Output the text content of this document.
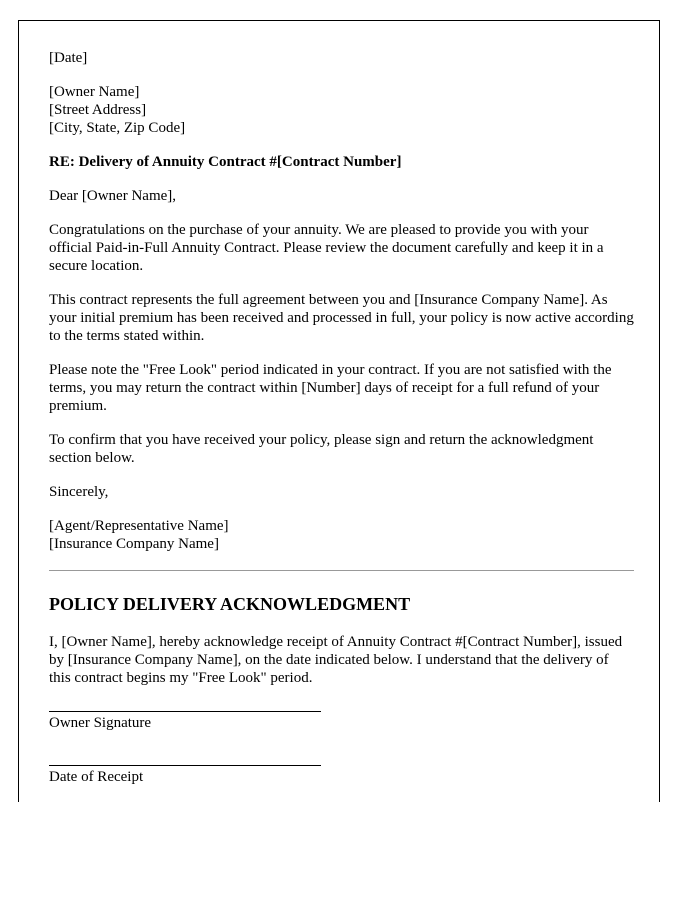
[Date]
[Owner Name]
[Street Address]
[City, State, Zip Code]
RE: Delivery of Annuity Contract #[Contract Number]
Dear [Owner Name],
Congratulations on the purchase of your annuity. We are pleased to provide you with your official Paid-in-Full Annuity Contract. Please review the document carefully and keep it in a secure location.
This contract represents the full agreement between you and [Insurance Company Name]. As your initial premium has been received and processed in full, your policy is now active according to the terms stated within.
Please note the "Free Look" period indicated in your contract. If you are not satisfied with the terms, you may return the contract within [Number] days of receipt for a full refund of your premium.
To confirm that you have received your policy, please sign and return the acknowledgment section below.
Sincerely,
[Agent/Representative Name]
[Insurance Company Name]
POLICY DELIVERY ACKNOWLEDGMENT
I, [Owner Name], hereby acknowledge receipt of Annuity Contract #[Contract Number], issued by [Insurance Company Name], on the date indicated below. I understand that the delivery of this contract begins my "Free Look" period.
Owner Signature
Date of Receipt
